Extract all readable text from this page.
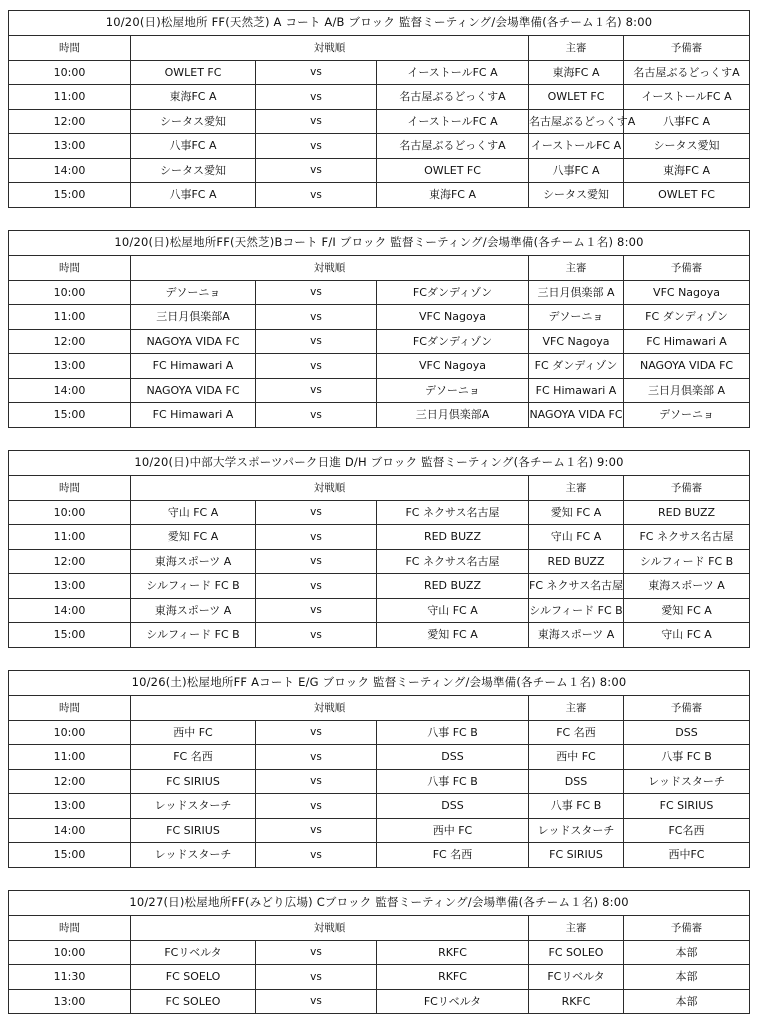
10/20(日)松屋地所 FF(天然芝) A コート A/B ブロック 監督ミーティング/会場準備(各チーム１名) 8:00					
時間	対戦順			主審	予備審
10:00	OWLET FC	vs	イーストールFC A	東海FC A	名古屋ぶるどっくすA
11:00	東海FC A	vs	名古屋ぶるどっくすA	OWLET FC	イーストールFC A
12:00	シータス愛知	vs	イーストールFC A	名古屋ぶるどっくすA	八事FC A
13:00	八事FC A	vs	名古屋ぶるどっくすA	イーストールFC A	シータス愛知
14:00	シータス愛知	vs	OWLET FC	八事FC A	東海FC A
15:00	八事FC A	vs	東海FC A	シータス愛知	OWLET FC
10/20(日)松屋地所FF(天然芝)Bコート F/I ブロック 監督ミーティング/会場準備(各チーム１名) 8:00					
時間	対戦順			主審	予備審
10:00	デソーニョ	vs	FCダンディゾン	三日月倶楽部 A	VFC Nagoya
11:00	三日月倶楽部A	vs	VFC Nagoya	デソーニョ	FC ダンディゾン
12:00	NAGOYA VIDA FC	vs	FCダンディゾン	VFC Nagoya	FC Himawari A
13:00	FC Himawari A	vs	VFC Nagoya	FC ダンディゾン	NAGOYA VIDA FC
14:00	NAGOYA VIDA FC	vs	デソーニョ	FC Himawari A	三日月倶楽部 A
15:00	FC Himawari A	vs	三日月倶楽部A	NAGOYA VIDA FC	デソーニョ
10/20(日)中部大学スポーツパーク日進 D/H ブロック 監督ミーティング(各チーム１名) 9:00					
時間	対戦順			主審	予備審
10:00	守山 FC A	vs	FC ネクサス名古屋	愛知 FC A	RED BUZZ
11:00	愛知 FC A	vs	RED BUZZ	守山 FC A	FC ネクサス名古屋
12:00	東海スポーツ A	vs	FC ネクサス名古屋	RED BUZZ	シルフィード FC B
13:00	シルフィード FC B	vs	RED BUZZ	FC ネクサス名古屋	東海スポーツ A
14:00	東海スポーツ A	vs	守山 FC A	シルフィード FC B	愛知 FC A
15:00	シルフィード FC B	vs	愛知 FC A	東海スポーツ A	守山 FC A
10/26(土)松屋地所FF Aコート E/G ブロック 監督ミーティング/会場準備(各チーム１名) 8:00					
時間	対戦順			主審	予備審
10:00	西中 FC	vs	八事 FC B	FC 名西	DSS
11:00	FC 名西	vs	DSS	西中 FC	八事 FC B
12:00	FC SIRIUS	vs	八事 FC B	DSS	レッドスターチ
13:00	レッドスターチ	vs	DSS	八事 FC B	FC SIRIUS
14:00	FC SIRIUS	vs	西中 FC	レッドスターチ	FC名西
15:00	レッドスターチ	vs	FC 名西	FC SIRIUS	西中FC
10/27(日)松屋地所FF(みどり広場) Cブロック 監督ミーティング/会場準備(各チーム１名) 8:00					
時間	対戦順			主審	予備審
10:00	FCリベルタ	vs	RKFC	FC SOLEO	本部
11:30	FC SOELO	vs	RKFC	FCリベルタ	本部
13:00	FC SOLEO	vs	FCリベルタ	RKFC	本部
